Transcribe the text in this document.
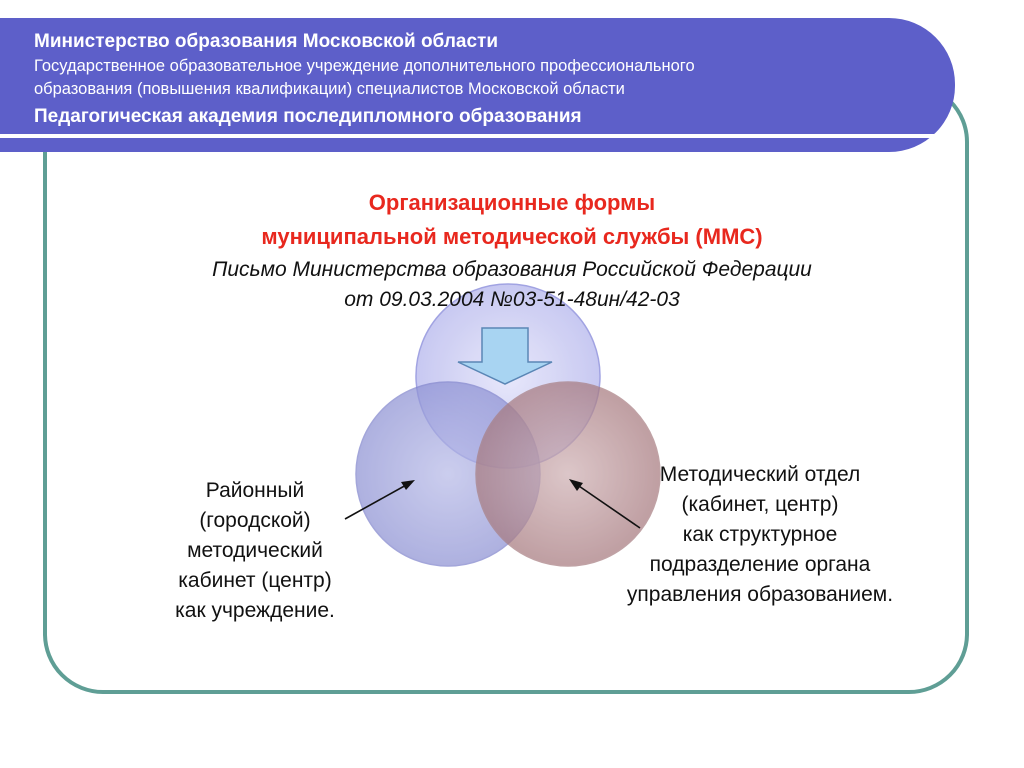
Министерство образования Московской области
Государственное образовательное учреждение дополнительного профессионального
образования (повышения квалификации) специалистов Московской области
Педагогическая академия последипломного образования
Организационные формы
муниципальной методической службы (ММС)
Письмо Министерства образования Российской Федерации
от 09.03.2004 №03-51-48ин/42-03
Районный
(городской)
методический
кабинет (центр)
как учреждение.
Методический отдел
(кабинет, центр)
как структурное
подразделение органа
управления образованием.
